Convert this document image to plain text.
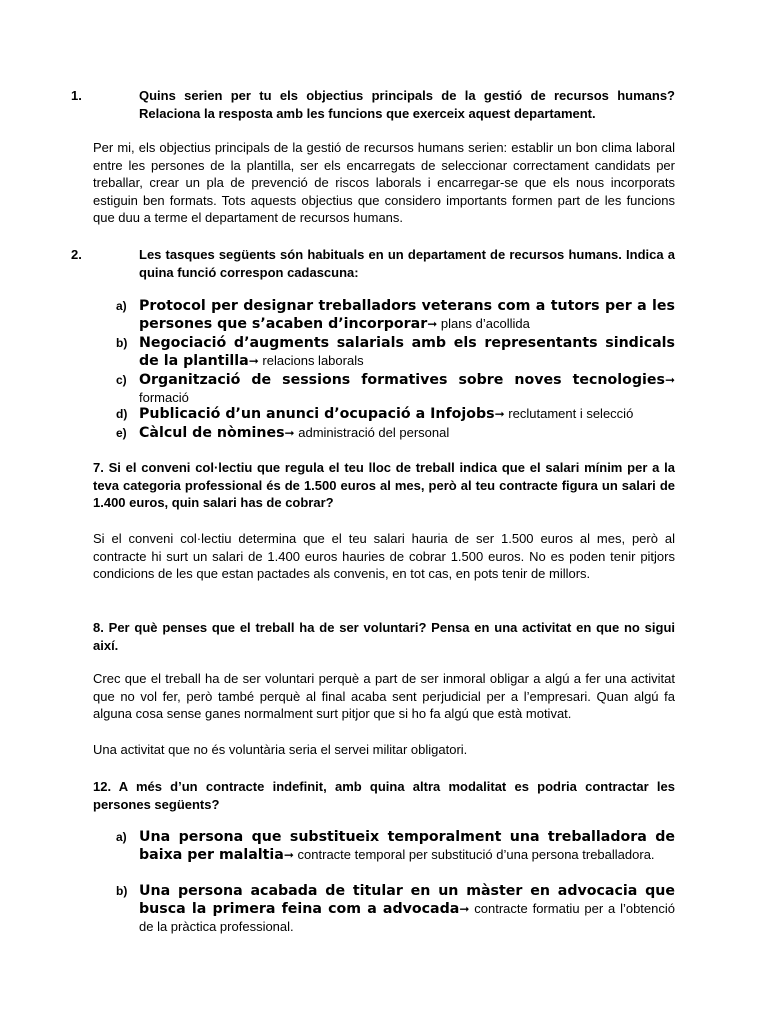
1.	Quins serien per tu els objectius principals de la gestió de recursos humans? Relaciona la resposta amb les funcions que exerceix aquest departament.

Per mi, els objectius principals de la gestió de recursos humans serien: establir un bon clima laboral entre les persones de la plantilla, ser els encarregats de seleccionar correctament candidats per treballar, crear un pla de prevenció de riscos laborals i encarregar-se que els nous incorporats estiguin ben formats. Tots aquests objectius que considero importants formen part de les funcions que duu a terme el departament de recursos humans.

2.	Les tasques següents són habituals en un departament de recursos humans. Indica a quina funció correspon cadascuna:

a) Protocol per designar treballadors veterans com a tutors per a les persones que s’acaben d’incorporar➞ plans d’acollida

b) Negociació d’augments salarials amb els representants sindicals de la plantilla➞ relacions laborals

c) Organització de sessions formatives sobre noves tecnologies➞ formació

d) Publicació d’un anunci d’ocupació a Infojobs➞ reclutament i selecció

e) Càlcul de nòmines➞ administració del personal

7. Si el conveni col·lectiu que regula el teu lloc de treball indica que el salari mínim per a la teva categoria professional és de 1.500 euros al mes, però al teu contracte figura un salari de 1.400 euros, quin salari has de cobrar?

Si el conveni col·lectiu determina que el teu salari hauria de ser 1.500 euros al mes, però al contracte hi surt un salari de 1.400 euros hauries de cobrar 1.500 euros. No es poden tenir pitjors condicions de les que estan pactades als convenis, en tot cas, en pots tenir de millors.

8. Per què penses que el treball ha de ser voluntari? Pensa en una activitat en que no sigui així.

Crec que el treball ha de ser voluntari perquè a part de ser inmoral obligar a algú a fer una activitat que no vol fer, però també perquè al final acaba sent perjudicial per a l’empresari. Quan algú fa alguna cosa sense ganes normalment surt pitjor que si ho fa algú que està motivat.

Una activitat que no és voluntària seria el servei militar obligatori.

12. A més d’un contracte indefinit, amb quina altra modalitat es podria contractar les persones següents?

a) Una persona que substitueix temporalment una treballadora de baixa per malaltia➞ contracte temporal per substitució d’una persona treballadora.

b) Una persona acabada de titular en un màster en advocacia que busca la primera feina com a advocada➞ contracte formatiu per a l’obtenció de la pràctica professional.
